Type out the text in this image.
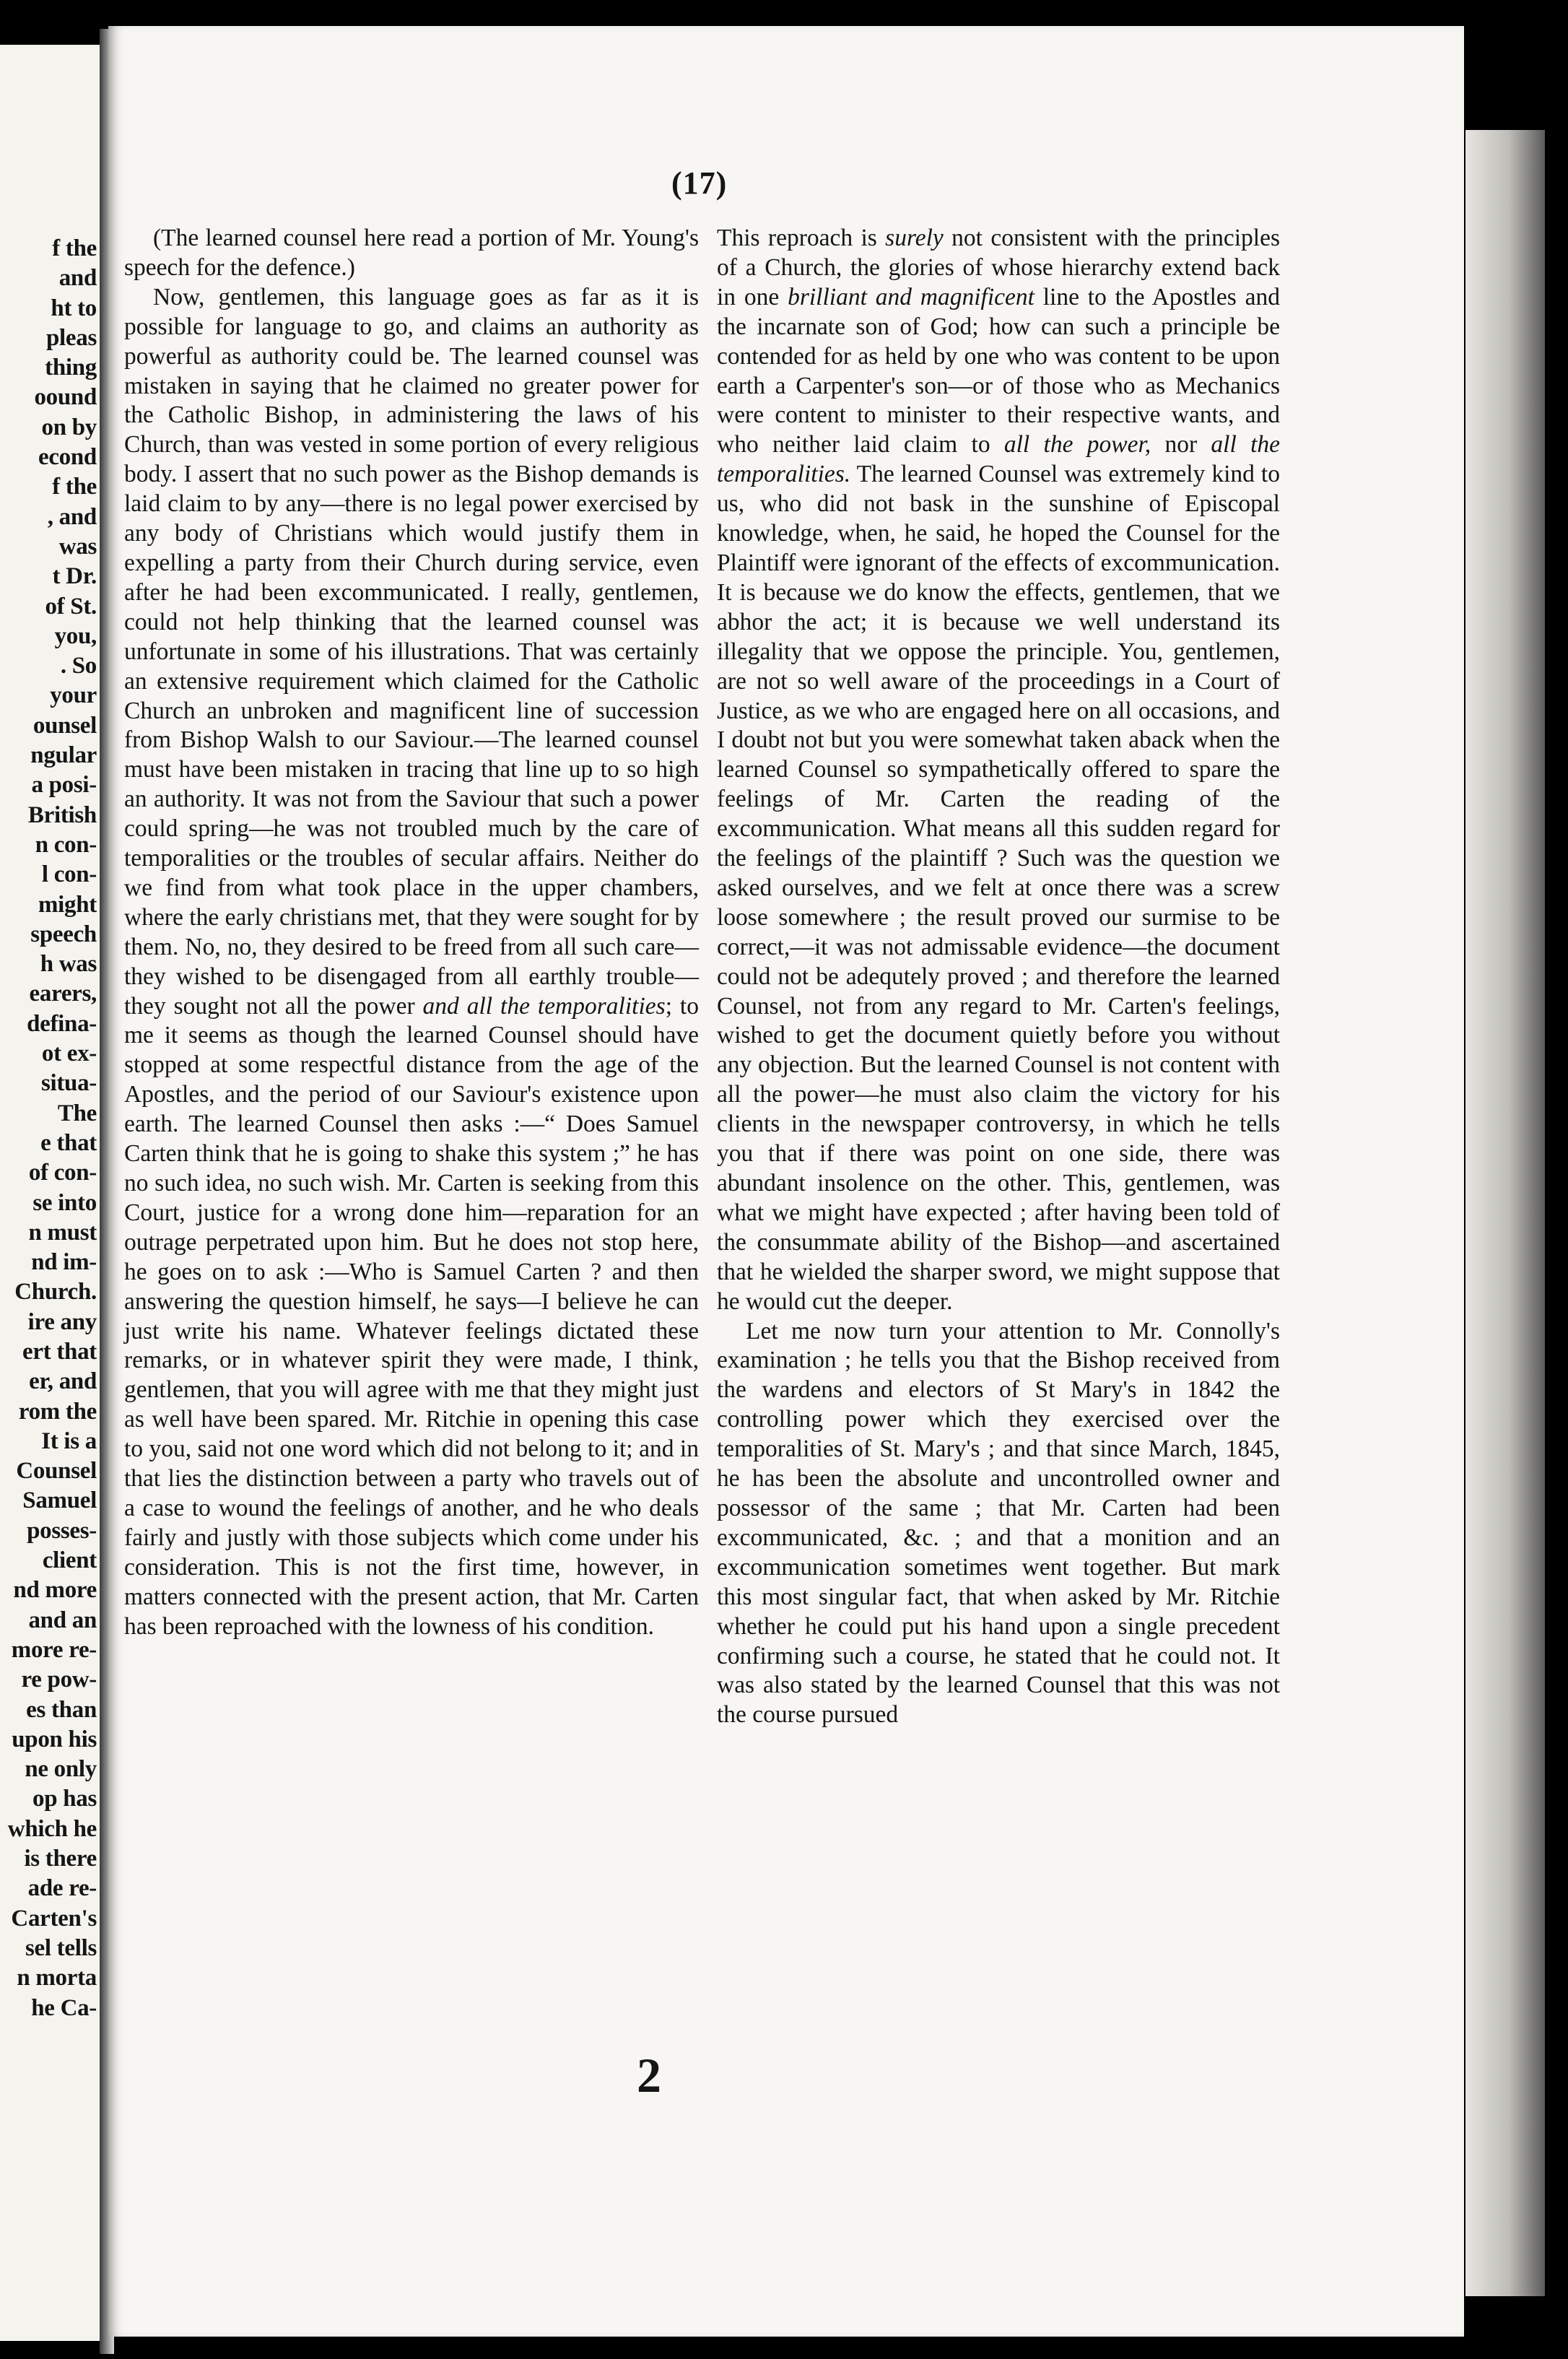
f the
and
ht to
pleas
thing
oound
on by
econd
f the
, and
was
t Dr.
of St.
you,
. So
your
ounsel
ngular
a posi-
British
n con-
l con-
might
speech
h was
earers,
defina-
ot ex-
situa-
The
e that
of con-
se into
n must
nd im-
Church.
ire any
ert that
er, and
rom the
It is a
Counsel
Samuel
posses-
client
nd more
and an
more re-
re pow-
es than
upon his
ne only
op has
which he
is there
ade re-
Carten's
sel tells
n morta
he Ca-
(17)

(The learned counsel here read a portion of Mr. Young's speech for the defence.)

Now, gentlemen, this language goes as far as it is possible for language to go, and claims an authority as powerful as authority could be. The learned counsel was mistaken in saying that he claimed no greater power for the Catholic Bishop, in administering the laws of his Church, than was vested in some portion of every religious body. I assert that no such power as the Bishop demands is laid claim to by any—there is no legal power exercised by any body of Christians which would justify them in expelling a party from their Church during service, even after he had been excommunicated. I really, gentlemen, could not help thinking that the learned counsel was unfortunate in some of his illustrations. That was certainly an extensive requirement which claimed for the Catholic Church an unbroken and magnificent line of succession from Bishop Walsh to our Saviour.—The learned counsel must have been mistaken in tracing that line up to so high an authority. It was not from the Saviour that such a power could spring—he was not troubled much by the care of temporalities or the troubles of secular affairs. Neither do we find from what took place in the upper chambers, where the early christians met, that they were sought for by them. No, no, they desired to be freed from all such care—they wished to be disengaged from all earthly trouble—they sought not all the power and all the temporalities; to me it seems as though the learned Counsel should have stopped at some respectful distance from the age of the Apostles, and the period of our Saviour's existence upon earth. The learned Counsel then asks :—“ Does Samuel Carten think that he is going to shake this system ;” he has no such idea, no such wish. Mr. Carten is seeking from this Court, justice for a wrong done him—reparation for an outrage perpetrated upon him. But he does not stop here, he goes on to ask :—Who is Samuel Carten ? and then answering the question himself, he says—I believe he can just write his name. Whatever feelings dictated these remarks, or in whatever spirit they were made, I think, gentlemen, that you will agree with me that they might just as well have been spared. Mr. Ritchie in opening this case to you, said not one word which did not belong to it; and in that lies the distinction between a party who travels out of a case to wound the feelings of another, and he who deals fairly and justly with those subjects which come under his consideration. This is not the first time, however, in matters connected with the present action, that Mr. Carten has been reproached with the lowness of his condition.

This reproach is surely not consistent with the principles of a Church, the glories of whose hierarchy extend back in one brilliant and magnificent line to the Apostles and the incarnate son of God; how can such a principle be contended for as held by one who was content to be upon earth a Carpenter's son—or of those who as Mechanics were content to minister to their respective wants, and who neither laid claim to all the power, nor all the temporalities. The learned Counsel was extremely kind to us, who did not bask in the sunshine of Episcopal knowledge, when, he said, he hoped the Counsel for the Plaintiff were ignorant of the effects of excommunication. It is because we do know the effects, gentlemen, that we abhor the act; it is because we well understand its illegality that we oppose the principle. You, gentlemen, are not so well aware of the proceedings in a Court of Justice, as we who are engaged here on all occasions, and I doubt not but you were somewhat taken aback when the learned Counsel so sympathetically offered to spare the feelings of Mr. Carten the reading of the excommunication. What means all this sudden regard for the feelings of the plaintiff ? Such was the question we asked ourselves, and we felt at once there was a screw loose somewhere ; the result proved our surmise to be correct,—it was not admissable evidence—the document could not be adequtely proved ; and therefore the learned Counsel, not from any regard to Mr. Carten's feelings, wished to get the document quietly before you without any objection. But the learned Counsel is not content with all the power—he must also claim the victory for his clients in the newspaper controversy, in which he tells you that if there was point on one side, there was abundant insolence on the other. This, gentlemen, was what we might have expected ; after having been told of the consummate ability of the Bishop—and ascertained that he wielded the sharper sword, we might suppose that he would cut the deeper.

Let me now turn your attention to Mr. Connolly's examination ; he tells you that the Bishop received from the wardens and electors of St Mary's in 1842 the controlling power which they exercised over the temporalities of St. Mary's ; and that since March, 1845, he has been the absolute and uncontrolled owner and possessor of the same ; that Mr. Carten had been excommunicated, &c. ; and that a monition and an excommunication sometimes went together. But mark this most singular fact, that when asked by Mr. Ritchie whether he could put his hand upon a single precedent confirming such a course, he stated that he could not. It was also stated by the learned Counsel that this was not the course pursued

2
